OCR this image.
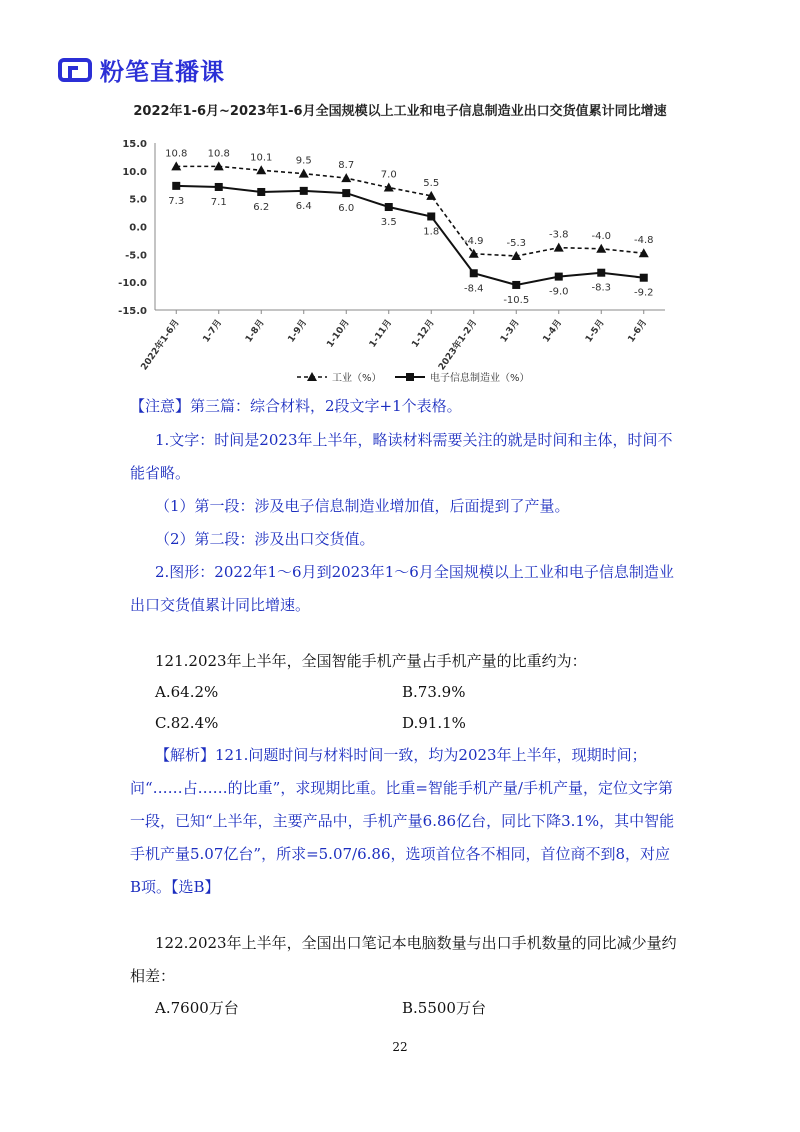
粉笔直播课
2022年1-6月~2023年1-6月全国规模以上工业和电子信息制造业出口交货值累计同比增速
15.0
10.0
5.0
0.0
-5.0
-10.0
-15.0
2022年1-6月 1-7月 1-8月 1-9月 1-10月 1-11月 1-12月 2023年1-2月 1-3月 1-4月 1-5月 1-6月
10.8 10.8 10.1 9.5	8.7
7.0
5.5
-4.9 -5.3
-3.8 -4.0 -4.8
7.3	7.1	6.2	6.4	6.0
3.5
1.8
-8.4
-10.5
-9.0 -8.3 -9.2
工业（%）	电子信息制造业（%）
【注意】第三篇：综合材料，2段文字+1个表格。
1.文字：时间是2023年上半年，略读材料需要关注的就是时间和主体，时间不能省略。
（1）第一段：涉及电子信息制造业增加值，后面提到了产量。
（2）第二段：涉及出口交货值。
2.图形：2022年1～6月到2023年1～6月全国规模以上工业和电子信息制造业出口交货值累计同比增速。
121.2023年上半年，全国智能手机产量占手机产量的比重约为：
A.64.2%	B.73.9%
C.82.4%	D.91.1%
【解析】121.问题时间与材料时间一致，均为2023年上半年，现期时间；问“……占……的比重”，求现期比重。比重=智能手机产量/手机产量，定位文字第一段，已知“上半年，主要产品中，手机产量6.86亿台，同比下降3.1%，其中智能手机产量5.07亿台”，所求=5.07/6.86，选项首位各不相同，首位商不到8，对应B项。【选B】
122.2023年上半年，全国出口笔记本电脑数量与出口手机数量的同比减少量约相差：
A.7600万台	B.5500万台
22
